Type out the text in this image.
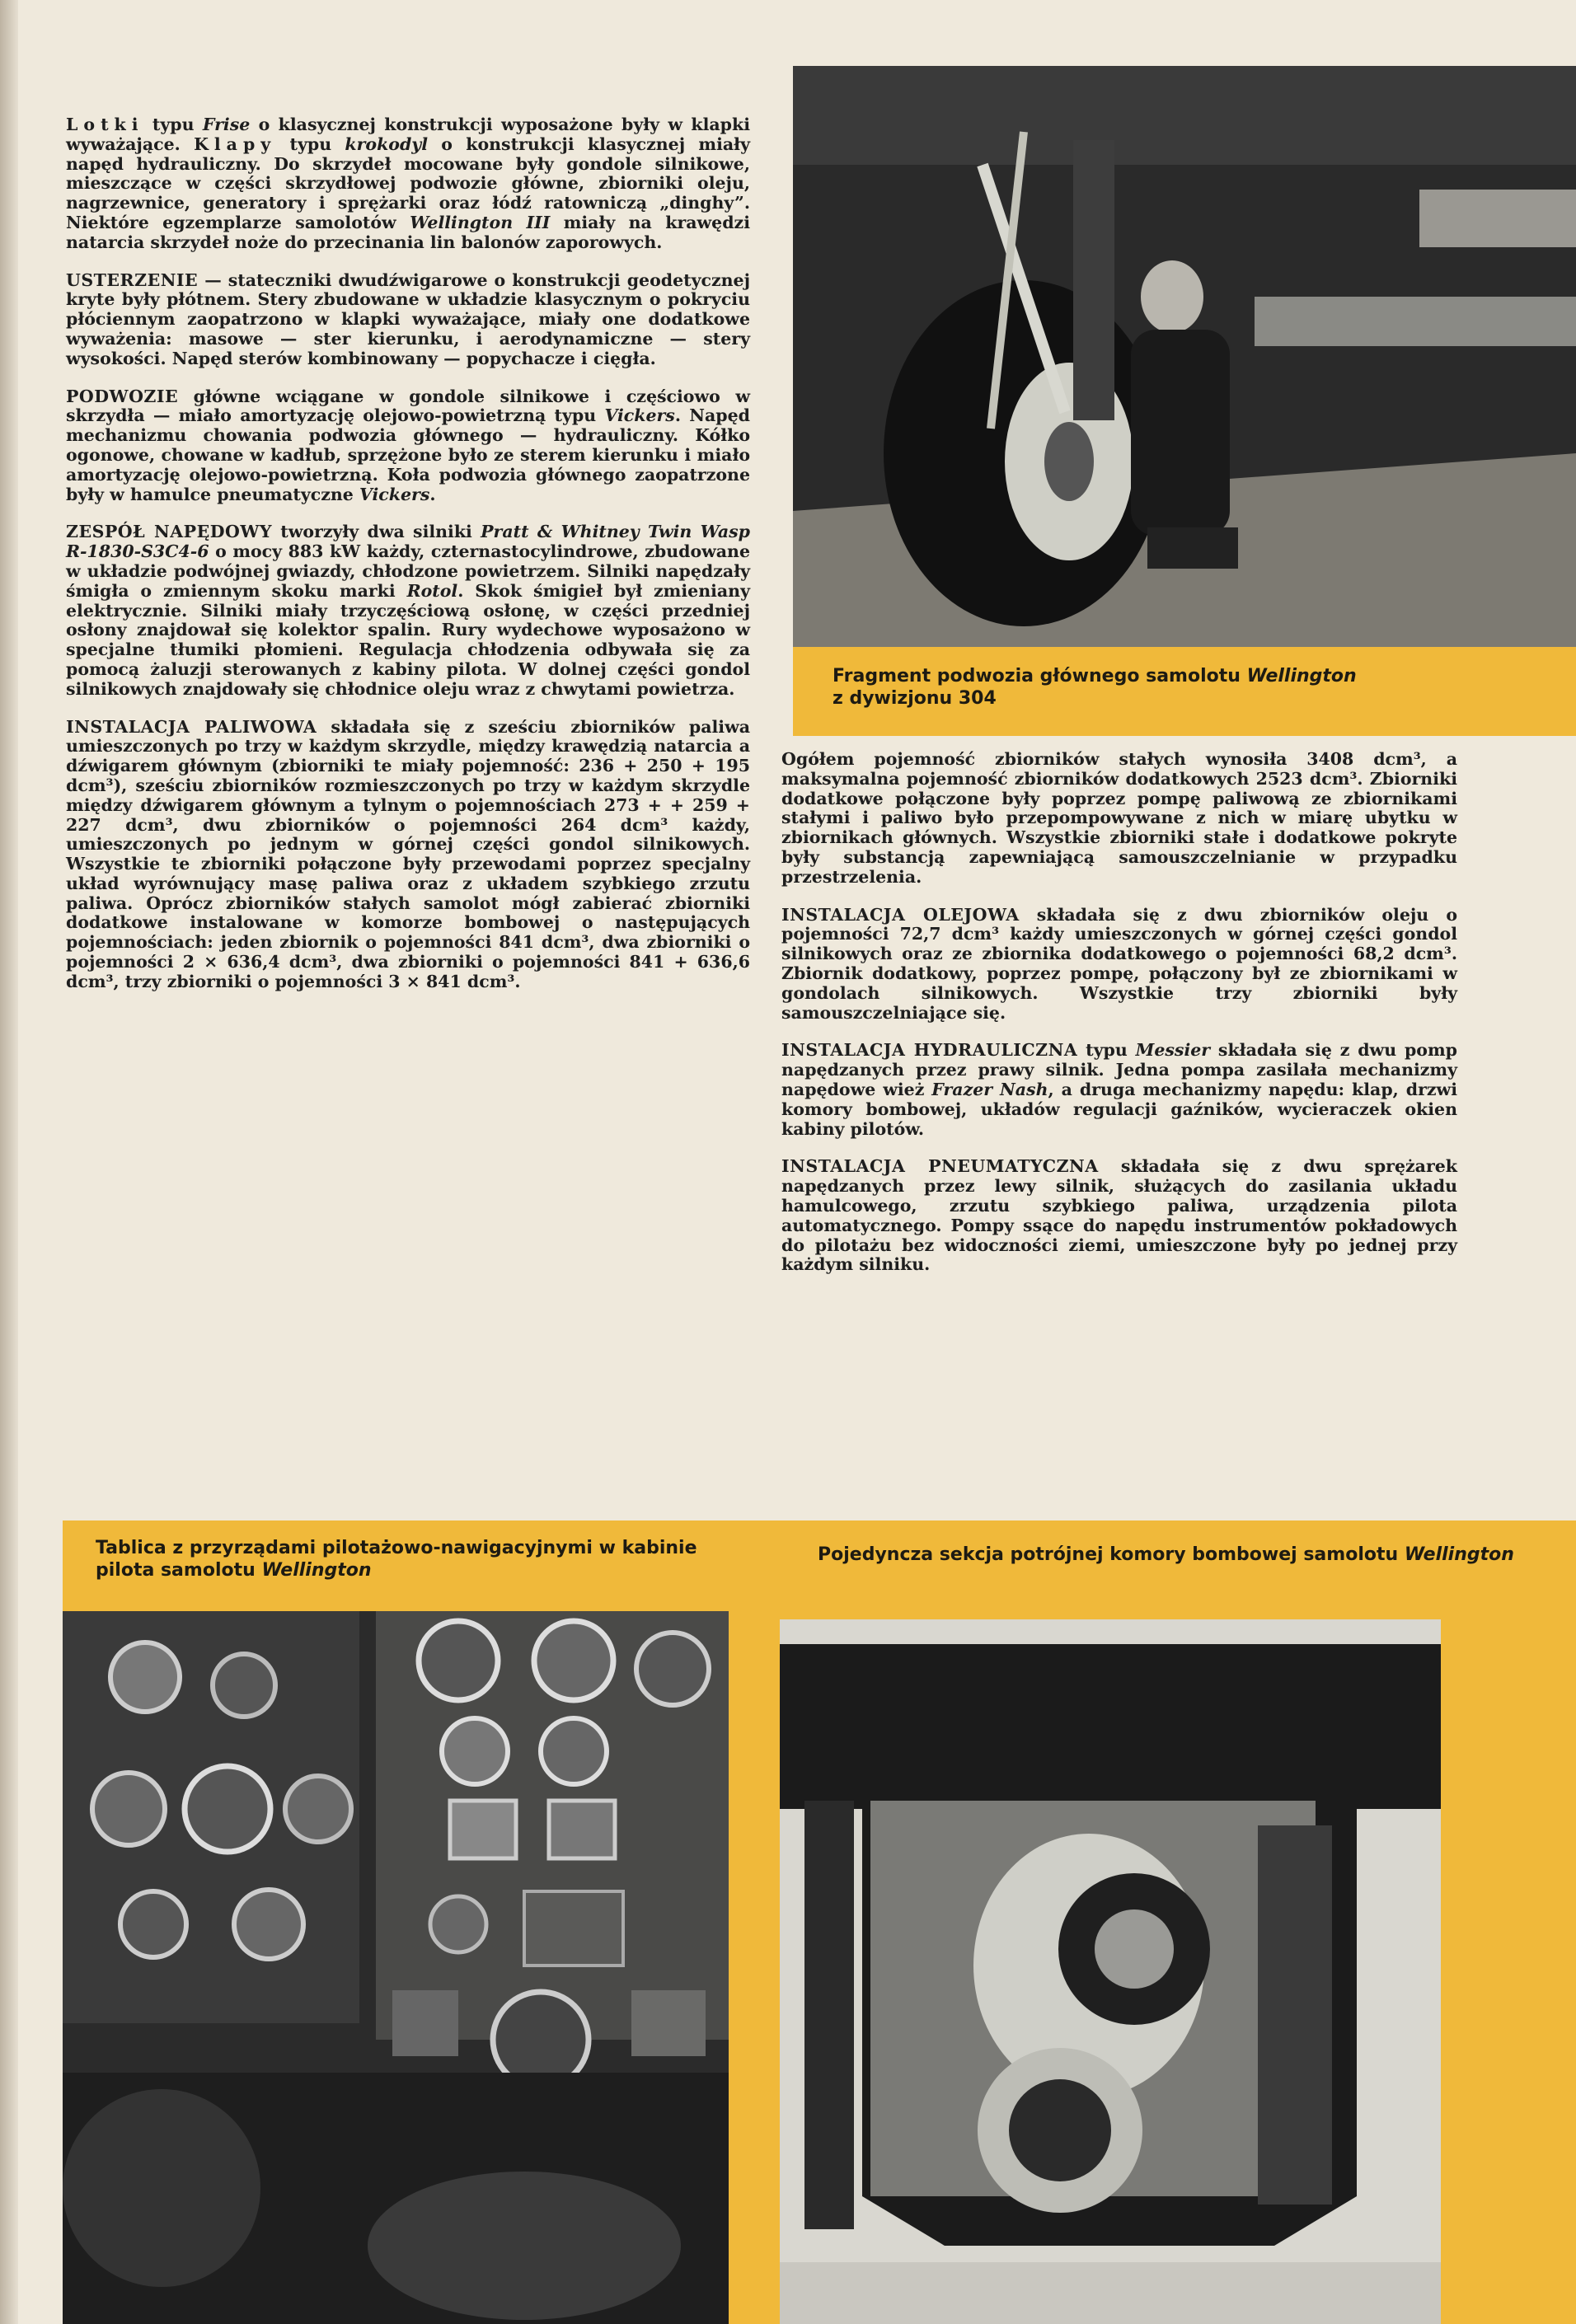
Lotki typu Frise o klasycznej konstrukcji wyposażone były w klapki wyważające. Klapy typu krokodyl o konstrukcji klasycznej miały napęd hydrauliczny. Do skrzydeł mocowane były gondole silnikowe, mieszczące w części skrzydłowej podwozie główne, zbiorniki oleju, nagrzewnice, generatory i sprężarki oraz łódź ratowniczą „dinghy”. Niektóre egzemplarze samolotów Wellington III miały na krawędzi natarcia skrzydeł noże do przecinania lin balonów zaporowych.

USTERZENIE — stateczniki dwudźwigarowe o konstrukcji geodetycznej kryte były płótnem. Stery zbudowane w układzie klasycznym o pokryciu płóciennym zaopatrzono w klapki wyważające, miały one dodatkowe wyważenia: masowe — ster kierunku, i aerodynamiczne — stery wysokości. Napęd sterów kombinowany — popychacze i cięgła.

PODWOZIE główne wciągane w gondole silnikowe i częściowo w skrzydła — miało amortyzację olejowo-powietrzną typu Vickers. Napęd mechanizmu chowania podwozia głównego — hydrauliczny. Kółko ogonowe, chowane w kadłub, sprzężone było ze sterem kierunku i miało amortyzację olejowo-powietrzną. Koła podwozia głównego zaopatrzone były w hamulce pneumatyczne Vickers.

ZESPÓŁ NAPĘDOWY tworzyły dwa silniki Pratt & Whitney Twin Wasp R-1830-S3C4-6 o mocy 883 kW każdy, czternastocylindrowe, zbudowane w układzie podwójnej gwiazdy, chłodzone powietrzem. Silniki napędzały śmigła o zmiennym skoku marki Rotol. Skok śmigieł był zmieniany elektrycznie. Silniki miały trzyczęściową osłonę, w części przedniej osłony znajdował się kolektor spalin. Rury wydechowe wyposażono w specjalne tłumiki płomieni. Regulacja chłodzenia odbywała się za pomocą żaluzji sterowanych z kabiny pilota. W dolnej części gondol silnikowych znajdowały się chłodnice oleju wraz z chwytami powietrza.

INSTALACJA PALIWOWA składała się z sześciu zbiorników paliwa umieszczonych po trzy w każdym skrzydle, między krawędzią natarcia a dźwigarem głównym (zbiorniki te miały pojemność: 236 + 250 + 195 dcm³), sześciu zbiorników rozmieszczonych po trzy w każdym skrzydle między dźwigarem głównym a tylnym o pojemnościach 273 + + 259 + 227 dcm³, dwu zbiorników o pojemności 264 dcm³ każdy, umieszczonych po jednym w górnej części gondol silnikowych. Wszystkie te zbiorniki połączone były przewodami poprzez specjalny układ wyrównujący masę paliwa oraz z układem szybkiego zrzutu paliwa. Oprócz zbiorników stałych samolot mógł zabierać zbiorniki dodatkowe instalowane w komorze bombowej o następujących pojemnościach: jeden zbiornik o pojemności 841 dcm³, dwa zbiorniki o pojemności 2 × 636,4 dcm³, dwa zbiorniki o pojemności 841 + 636,6 dcm³, trzy zbiorniki o pojemności 3 × 841 dcm³.

Fragment podwozia głównego samolotu Wellington
z dywizjonu 304

Ogółem pojemność zbiorników stałych wynosiła 3408 dcm³, a maksymalna pojemność zbiorników dodatkowych 2523 dcm³. Zbiorniki dodatkowe połączone były poprzez pompę paliwową ze zbiornikami stałymi i paliwo było przepompowywane z nich w miarę ubytku w zbiornikach głównych. Wszystkie zbiorniki stałe i dodatkowe pokryte były substancją zapewniającą samouszczelnianie w przypadku przestrzelenia.

INSTALACJA OLEJOWA składała się z dwu zbiorników oleju o pojemności 72,7 dcm³ każdy umieszczonych w górnej części gondol silnikowych oraz ze zbiornika dodatkowego o pojemności 68,2 dcm³. Zbiornik dodatkowy, poprzez pompę, połączony był ze zbiornikami w gondolach silnikowych. Wszystkie trzy zbiorniki były samouszczelniające się.

INSTALACJA HYDRAULICZNA typu Messier składała się z dwu pomp napędzanych przez prawy silnik. Jedna pompa zasilała mechanizmy napędowe wież Frazer Nash, a druga mechanizmy napędu: klap, drzwi komory bombowej, układów regulacji gaźników, wycieraczek okien kabiny pilotów.

INSTALACJA PNEUMATYCZNA składała się z dwu sprężarek napędzanych przez lewy silnik, służących do zasilania układu hamulcowego, zrzutu szybkiego paliwa, urządzenia pilota automatycznego. Pompy ssące do napędu instrumentów pokładowych do pilotażu bez widoczności ziemi, umieszczone były po jednej przy każdym silniku.

Tablica z przyrządami pilotażowo-nawigacyjnymi w kabinie pilota samolotu Wellington
Pojedyncza sekcja potrójnej komory bombowej samolotu Wellington
